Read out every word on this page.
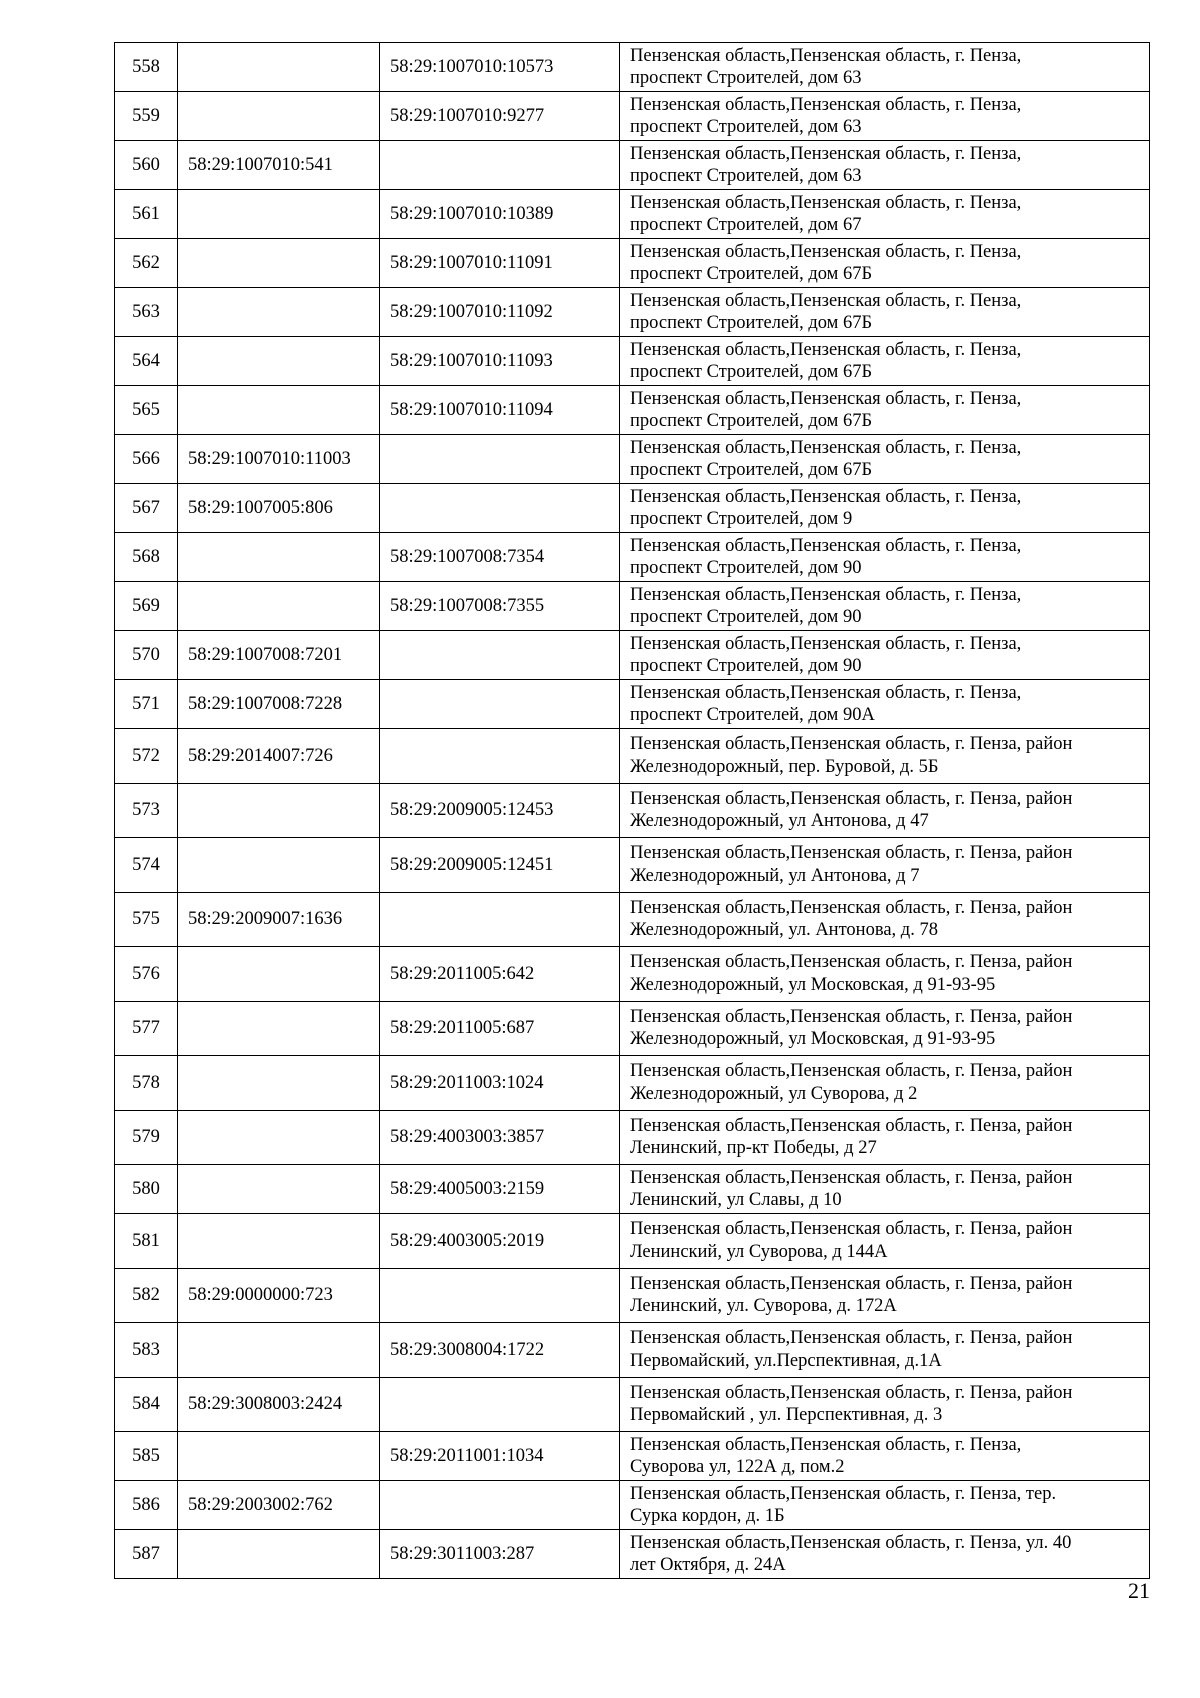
558		58:29:1007010:10573	Пензенская область,Пензенская область, г. Пенза,
проспект Строителей, дом 63

559		58:29:1007010:9277	Пензенская область,Пензенская область, г. Пенза,
проспект Строителей, дом 63

560	58:29:1007010:541		Пензенская область,Пензенская область, г. Пенза,
проспект Строителей, дом 63

561		58:29:1007010:10389	Пензенская область,Пензенская область, г. Пенза,
проспект Строителей, дом 67

562		58:29:1007010:11091	Пензенская область,Пензенская область, г. Пенза,
проспект Строителей, дом 67Б

563		58:29:1007010:11092	Пензенская область,Пензенская область, г. Пенза,
проспект Строителей, дом 67Б

564		58:29:1007010:11093	Пензенская область,Пензенская область, г. Пенза,
проспект Строителей, дом 67Б

565		58:29:1007010:11094	Пензенская область,Пензенская область, г. Пенза,
проспект Строителей, дом 67Б

566	58:29:1007010:11003		Пензенская область,Пензенская область, г. Пенза,
проспект Строителей, дом 67Б

567	58:29:1007005:806		Пензенская область,Пензенская область, г. Пенза,
проспект Строителей, дом 9

568		58:29:1007008:7354	Пензенская область,Пензенская область, г. Пенза,
проспект Строителей, дом 90

569		58:29:1007008:7355	Пензенская область,Пензенская область, г. Пенза,
проспект Строителей, дом 90

570	58:29:1007008:7201		Пензенская область,Пензенская область, г. Пенза,
проспект Строителей, дом 90

571	58:29:1007008:7228		Пензенская область,Пензенская область, г. Пенза,
проспект Строителей, дом 90А

572	58:29:2014007:726		Пензенская область,Пензенская область, г. Пенза, район
Железнодорожный, пер. Буровой, д. 5Б

573		58:29:2009005:12453	Пензенская область,Пензенская область, г. Пенза, район
Железнодорожный, ул Антонова, д 47

574		58:29:2009005:12451	Пензенская область,Пензенская область, г. Пенза, район
Железнодорожный, ул Антонова, д 7

575	58:29:2009007:1636		Пензенская область,Пензенская область, г. Пенза, район
Железнодорожный, ул. Антонова, д. 78

576		58:29:2011005:642	Пензенская область,Пензенская область, г. Пенза, район
Железнодорожный, ул Московская, д 91-93-95

577		58:29:2011005:687	Пензенская область,Пензенская область, г. Пенза, район
Железнодорожный, ул Московская, д 91-93-95

578		58:29:2011003:1024	Пензенская область,Пензенская область, г. Пенза, район
Железнодорожный, ул Суворова, д 2

579		58:29:4003003:3857	Пензенская область,Пензенская область, г. Пенза, район
Ленинский, пр-кт Победы, д 27

580		58:29:4005003:2159	Пензенская область,Пензенская область, г. Пенза, район
Ленинский, ул Славы, д 10

581		58:29:4003005:2019	Пензенская область,Пензенская область, г. Пенза, район
Ленинский, ул Суворова, д 144А

582	58:29:0000000:723		Пензенская область,Пензенская область, г. Пенза, район
Ленинский, ул. Суворова, д. 172А

583		58:29:3008004:1722	Пензенская область,Пензенская область, г. Пенза, район
Первомайский, ул.Перспективная, д.1А

584	58:29:3008003:2424		Пензенская область,Пензенская область, г. Пенза, район
Первомайский , ул. Перспективная, д. 3

585		58:29:2011001:1034	Пензенская область,Пензенская область, г. Пенза,
Суворова ул, 122А д, пом.2

586	58:29:2003002:762		Пензенская область,Пензенская область, г. Пенза, тер.
Сурка кордон, д. 1Б

587		58:29:3011003:287	Пензенская область,Пензенская область, г. Пенза, ул. 40
лет Октября, д. 24А
21
